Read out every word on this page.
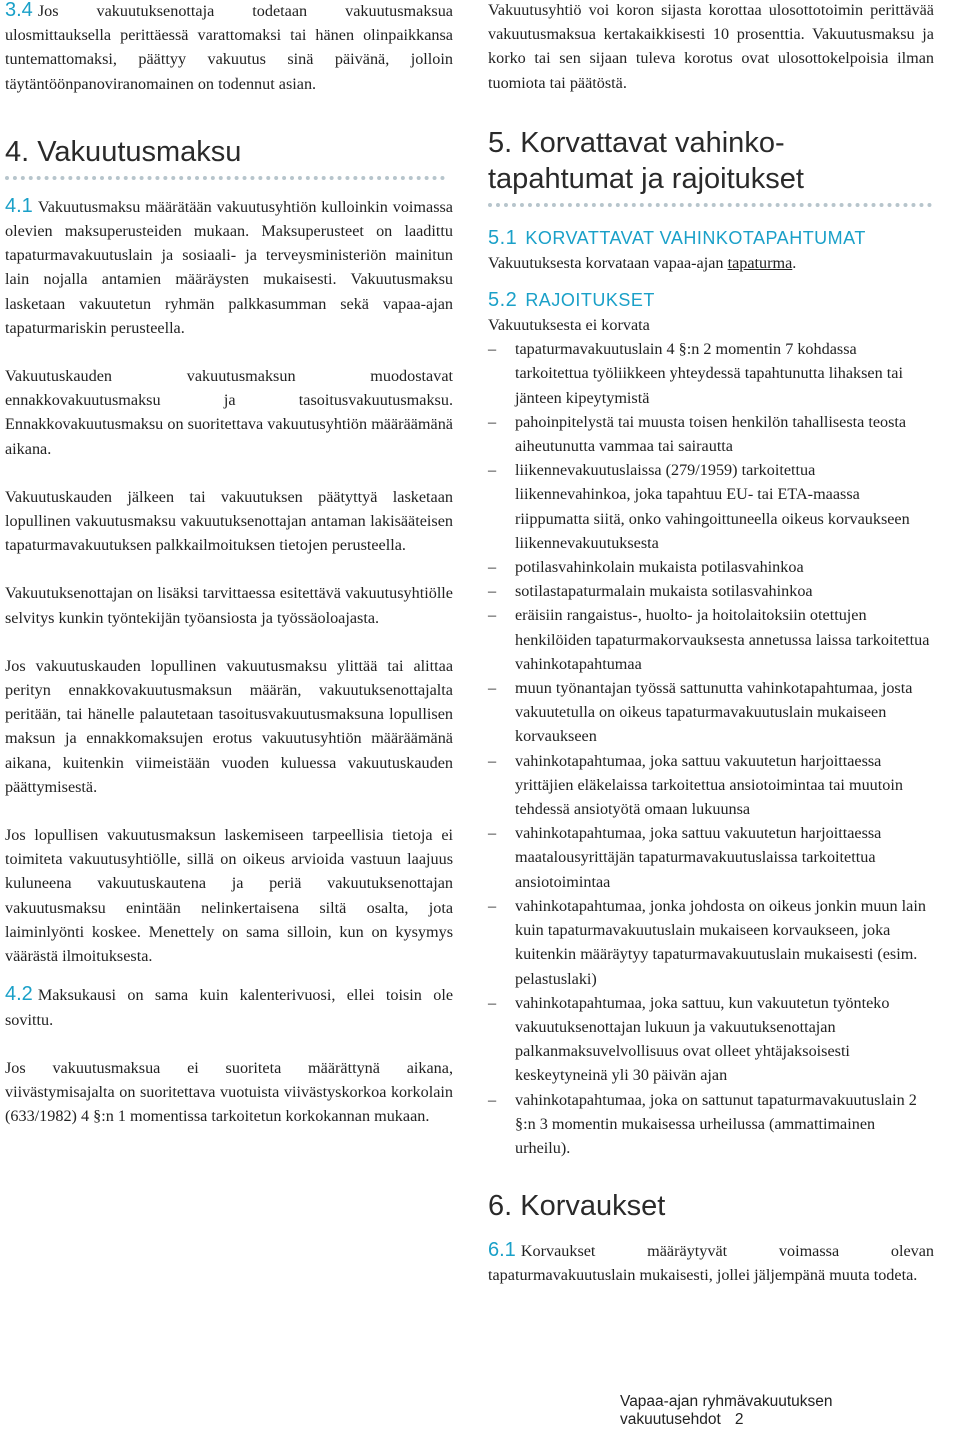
3.4 Jos vakuutuksenottaja todetaan vakuutusmaksua ulosmittauksella perittäessä varattomaksi tai hänen olinpaikkansa tuntemattomaksi, päättyy vakuutus sinä päivänä, jolloin täytäntöönpanoviranomainen on todennut asian.

4. Vakuutusmaksu

4.1 Vakuutusmaksu määrätään vakuutusyhtiön kulloinkin voimassa olevien maksuperusteiden mukaan. Maksuperusteet on laadittu tapaturmavakuutuslain ja sosiaali- ja terveysministeriön mainitun lain nojalla antamien määräysten mukaisesti. Vakuutusmaksu lasketaan vakuutetun ryhmän palkkasumman sekä vapaa-ajan tapaturmariskin perusteella.

Vakuutuskauden vakuutusmaksun muodostavat ennakkovakuutusmaksu ja tasoitusvakuutusmaksu. Ennakkovakuutusmaksu on suoritettava vakuutusyhtiön määräämänä aikana.

Vakuutuskauden jälkeen tai vakuutuksen päätyttyä lasketaan lopullinen vakuutusmaksu vakuutuksenottajan antaman lakisääteisen tapaturmavakuutuksen palkkailmoituksen tietojen perusteella.

Vakuutuksenottajan on lisäksi tarvittaessa esitettävä vakuutusyhtiölle selvitys kunkin työntekijän työansiosta ja työssäoloajasta.

Jos vakuutuskauden lopullinen vakuutusmaksu ylittää tai alittaa perityn ennakkovakuutusmaksun määrän, vakuutuksenottajalta peritään, tai hänelle palautetaan tasoitusvakuutusmaksuna lopullisen maksun ja ennakkomaksujen erotus vakuutusyhtiön määräämänä aikana, kuitenkin viimeistään vuoden kuluessa vakuutuskauden päättymisestä.

Jos lopullisen vakuutusmaksun laskemiseen tarpeellisia tietoja ei toimiteta vakuutusyhtiölle, sillä on oikeus arvioida vastuun laajuus kuluneena vakuutuskautena ja periä vakuutuksenottajan vakuutusmaksu enintään nelinkertaisena siltä osalta, jota laiminlyönti koskee. Menettely on sama silloin, kun on kysymys väärästä ilmoituksesta.

4.2 Maksukausi on sama kuin kalenterivuosi, ellei toisin ole sovittu.

Jos vakuutusmaksua ei suoriteta määrättynä aikana, viivästymisajalta on suoritettava vuotuista viivästyskorkoa korkolain (633/1982) 4 §:n 1 momentissa tarkoitetun korkokannan mukaan.

Vakuutusyhtiö voi koron sijasta korottaa ulosottotoimin perittävää vakuutusmaksua kertakaikkisesti 10 prosenttia. Vakuutusmaksu ja korko tai sen sijaan tuleva korotus ovat ulosottokelpoisia ilman tuomiota tai päätöstä.

5. Korvattavat vahinko-
tapahtumat ja rajoitukset
5.1 KORVATTAVAT VAHINKOTAPAHTUMAT

Vakuutuksesta korvataan vapaa-ajan tapaturma.

5.2 RAJOITUKSET

Vakuutuksesta ei korvata

– tapaturmavakuutuslain 4 §:n 2 momentin 7 kohdassa tarkoitettua työliikkeen yhteydessä tapahtunutta lihaksen tai jänteen kipeytymistä
– pahoinpitelystä tai muusta toisen henkilön tahallisesta teosta aiheutunutta vammaa tai sairautta
– liikennevakuutuslaissa (279/1959) tarkoitettua liikennevahinkoa, joka tapahtuu EU- tai ETA-maassa riippumatta siitä, onko vahingoittuneella oikeus korvaukseen liikennevakuutuksesta
– potilasvahinkolain mukaista potilasvahinkoa
– sotilastapaturmalain mukaista sotilasvahinkoa
– eräisiin rangaistus-, huolto- ja hoitolaitoksiin otettujen henkilöiden tapaturmakorvauksesta annetussa laissa tarkoitettua vahinkotapahtumaa
– muun työnantajan työssä sattunutta vahinkotapahtumaa, josta vakuutetulla on oikeus tapaturmavakuutuslain mukaiseen korvaukseen
– vahinkotapahtumaa, joka sattuu vakuutetun harjoittaessa yrittäjien eläkelaissa tarkoitettua ansiotoimintaa tai muutoin tehdessä ansiotyötä omaan lukuunsa
– vahinkotapahtumaa, joka sattuu vakuutetun harjoittaessa maatalousyrittäjän tapaturmavakuutuslaissa tarkoitettua ansiotoimintaa
– vahinkotapahtumaa, jonka johdosta on oikeus jonkin muun lain kuin tapaturmavakuutuslain mukaiseen korvaukseen, joka kuitenkin määräytyy tapaturmavakuutuslain mukaisesti (esim. pelastuslaki)
– vahinkotapahtumaa, joka sattuu, kun vakuutetun työnteko vakuutuksenottajan lukuun ja vakuutuksenottajan palkanmaksuvelvollisuus ovat olleet yhtäjaksoisesti keskeytyneinä yli 30 päivän ajan
– vahinkotapahtumaa, joka on sattunut tapaturmavakuutuslain 2 §:n 3 momentin mukaisessa urheilussa (ammattimainen urheilu).
6. Korvaukset

6.1 Korvaukset määräytyvät voimassa olevan tapaturmavakuutuslain mukaisesti, jollei jäljempänä muuta todeta.

Vapaa-ajan ryhmävakuutuksen vakuutusehdot 2
